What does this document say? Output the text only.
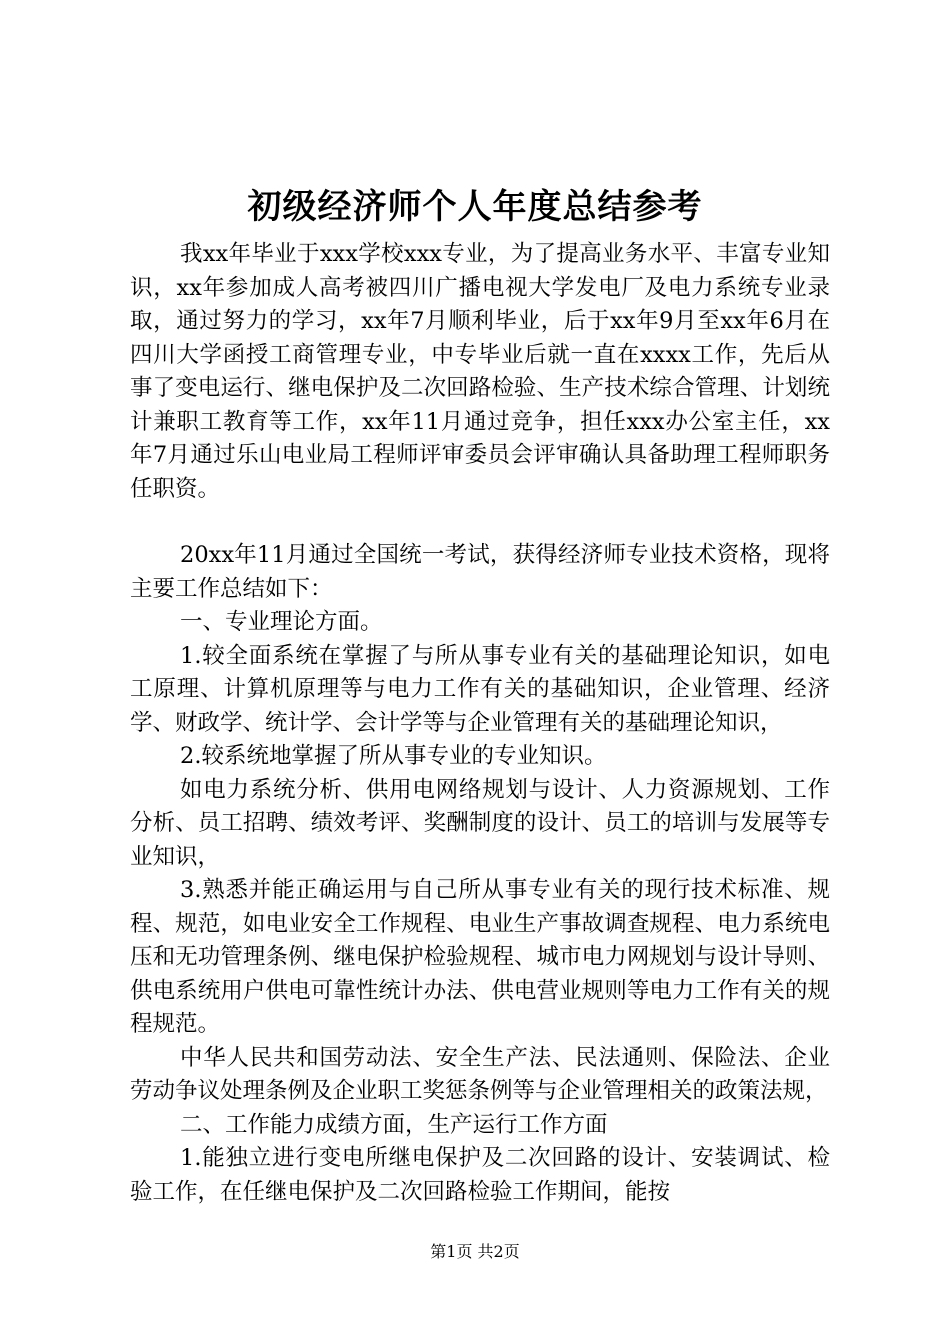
初级经济师个人年度总结参考

我xx年毕业于xxx学校xxx专业，为了提高业务水平、丰富专业知识，xx年参加成人高考被四川广播电视大学发电厂及电力系统专业录取，通过努力的学习，xx年7月顺利毕业，后于xx年9月至xx年6月在四川大学函授工商管理专业，中专毕业后就一直在xxxx工作，先后从事了变电运行、继电保护及二次回路检验、生产技术综合管理、计划统计兼职工教育等工作，xx年11月通过竞争，担任xxx办公室主任，xx年7月通过乐山电业局工程师评审委员会评审确认具备助理工程师职务任职资。

20xx年11月通过全国统一考试，获得经济师专业技术资格，现将主要工作总结如下：

一、专业理论方面。

1.较全面系统在掌握了与所从事专业有关的基础理论知识，如电工原理、计算机原理等与电力工作有关的基础知识，企业管理、经济学、财政学、统计学、会计学等与企业管理有关的基础理论知识，

2.较系统地掌握了所从事专业的专业知识。

如电力系统分析、供用电网络规划与设计、人力资源规划、工作分析、员工招聘、绩效考评、奖酬制度的设计、员工的培训与发展等专业知识，

3.熟悉并能正确运用与自己所从事专业有关的现行技术标准、规程、规范，如电业安全工作规程、电业生产事故调查规程、电力系统电压和无功管理条例、继电保护检验规程、城市电力网规划与设计导则、供电系统用户供电可靠性统计办法、供电营业规则等电力工作有关的规程规范。

中华人民共和国劳动法、安全生产法、民法通则、保险法、企业劳动争议处理条例及企业职工奖惩条例等与企业管理相关的政策法规，

二、工作能力成绩方面，生产运行工作方面

1.能独立进行变电所继电保护及二次回路的设计、安装调试、检验工作，在任继电保护及二次回路检验工作期间，能按

第1页 共2页
